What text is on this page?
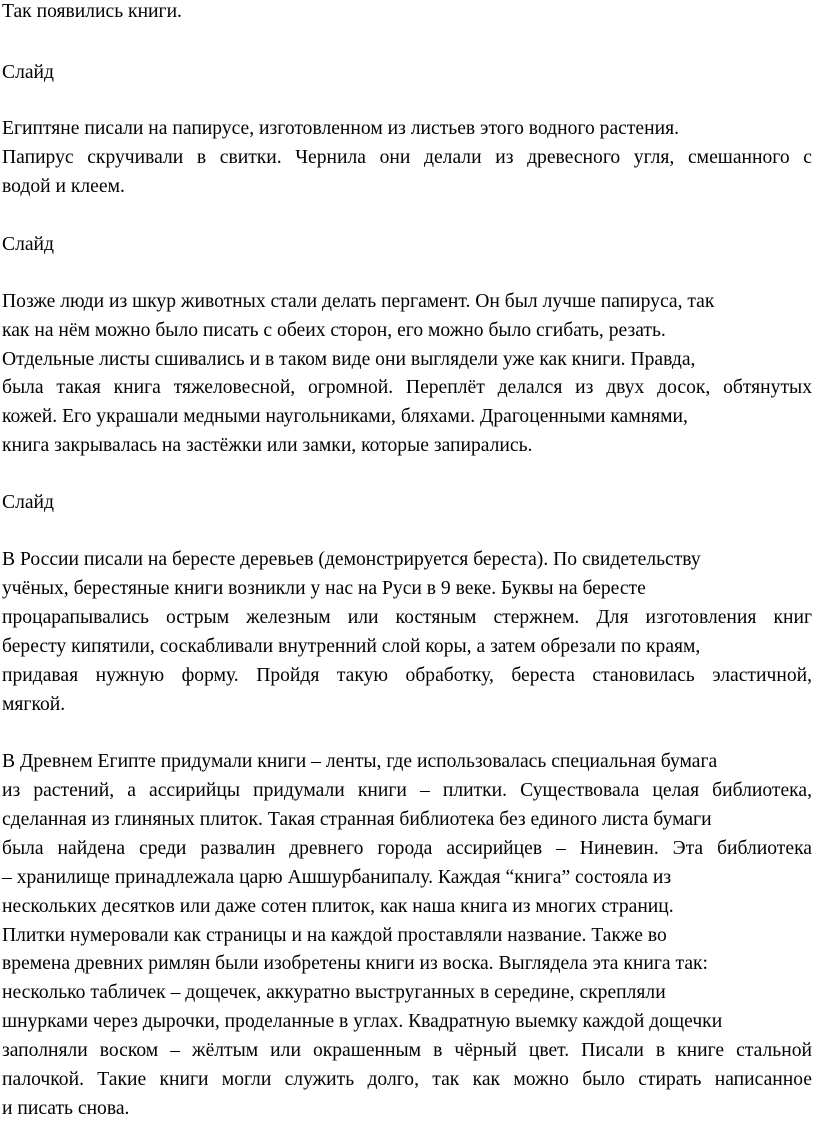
Так появились книги.

Слайд

Египтяне писали на папирусе, изготовленном из листьев этого водного растения.

Папирус скручивали в свитки. Чернила они делали из древесного угля, смешанного с

водой и клеем.

Слайд

Позже люди из шкур животных стали делать пергамент. Он был лучше папируса, так

как на нём можно было писать с обеих сторон, его можно было сгибать, резать.

Отдельные листы сшивались и в таком виде они выглядели уже как книги. Правда,

была такая книга тяжеловесной, огромной. Переплёт делался из двух досок, обтянутых

кожей. Его украшали медными наугольниками, бляхами. Драгоценными камнями,

книга закрывалась на застёжки или замки, которые запирались.

Слайд

В России писали на бересте деревьев (демонстрируется береста). По свидетельству

учёных, берестяные книги возникли у нас на Руси в 9 веке. Буквы на бересте

процарапывались острым железным или костяным стержнем. Для изготовления книг

бересту кипятили, соскабливали внутренний слой коры, а затем обрезали по краям,

придавая нужную форму. Пройдя такую обработку, береста становилась эластичной,

мягкой.

В Древнем Египте придумали книги – ленты, где использовалась специальная бумага

из растений, а ассирийцы придумали книги – плитки. Существовала целая библиотека,

сделанная из глиняных плиток. Такая странная библиотека без единого листа бумаги

была найдена среди развалин древнего города ассирийцев – Ниневин. Эта библиотека

– хранилище принадлежала царю Ашшурбанипалу. Каждая “книга” состояла из

нескольких десятков или даже сотен плиток, как наша книга из многих страниц.

Плитки нумеровали как страницы и на каждой проставляли название. Также во

времена древних римлян были изобретены книги из воска. Выглядела эта книга так:

несколько табличек – дощечек, аккуратно выструганных в середине, скрепляли

шнурками через дырочки, проделанные в углах. Квадратную выемку каждой дощечки

заполняли воском – жёлтым или окрашенным в чёрный цвет. Писали в книге стальной

палочкой. Такие книги могли служить долго, так как можно было стирать написанное

и писать снова.
